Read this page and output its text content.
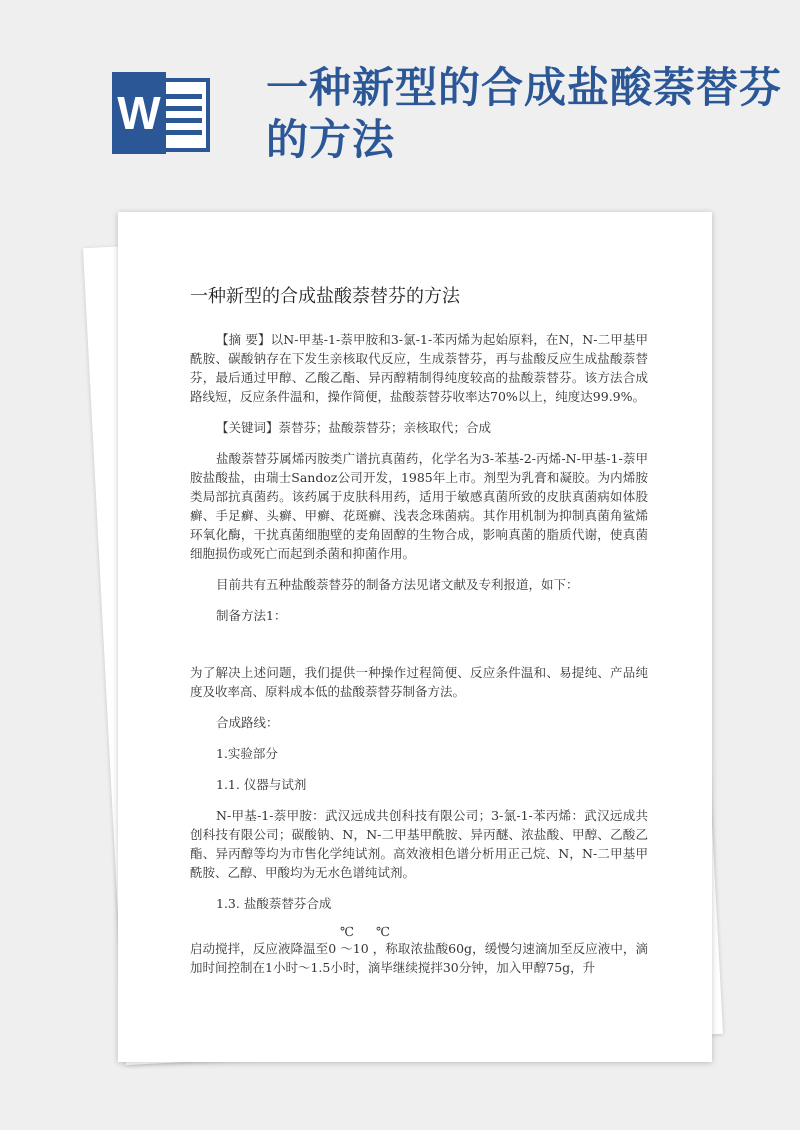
W	一种新型的合成盐酸萘替芬的方法
一种新型的合成盐酸萘替芬的方法

【摘 要】以N-甲基-1-萘甲胺和3-氯-1-苯丙烯为起始原料，在N，N-二甲基甲酰胺、碳酸钠存在下发生亲核取代反应，生成萘替芬，再与盐酸反应生成盐酸萘替芬，最后通过甲醇、乙酸乙酯、异丙醇精制得纯度较高的盐酸萘替芬。该方法合成路线短，反应条件温和，操作简便，盐酸萘替芬收率达70%以上，纯度达99.9%。

【关键词】萘替芬；盐酸萘替芬；亲核取代；合成

盐酸萘替芬属烯丙胺类广谱抗真菌药，化学名为3-苯基-2-丙烯-N-甲基-1-萘甲胺盐酸盐，由瑞士Sandoz公司开发，1985年上市。剂型为乳膏和凝胶。为内烯胺类局部抗真菌药。该药属于皮肤科用药，适用于敏感真菌所致的皮肤真菌病如体股癣、手足癣、头癣、甲癣、花斑癣、浅表念珠菌病。其作用机制为抑制真菌角鲨烯环氧化酶，干扰真菌细胞壁的麦角固醇的生物合成，影响真菌的脂质代谢，使真菌细胞损伤或死亡而起到杀菌和抑菌作用。

目前共有五种盐酸萘替芬的制备方法见诸文献及专利报道，如下：

制备方法1：

为了解决上述问题，我们提供一种操作过程简便、反应条件温和、易提纯、产品纯度及收率高、原料成本低的盐酸萘替芬制备方法。

合成路线：

1.实验部分

1.1. 仪器与试剂

N-甲基-1-萘甲胺：武汉远成共创科技有限公司；3-氯-1-苯丙烯：武汉远成共创科技有限公司；碳酸钠、N，N-二甲基甲酰胺、异丙醚、浓盐酸、甲醇、乙酸乙酯、异丙醇等均为市售化学纯试剂。高效液相色谱分析用正己烷、N，N-二甲基甲酰胺、乙醇、甲酸均为无水色谱纯试剂。

1.3. 盐酸萘替芬合成

℃ ℃

启动搅拌，反应液降温至0 ～10 ，称取浓盐酸60g，缓慢匀速滴加至反应液中，滴加时间控制在1小时～1.5小时，滴毕继续搅拌30分钟，加入甲醇75g，升
